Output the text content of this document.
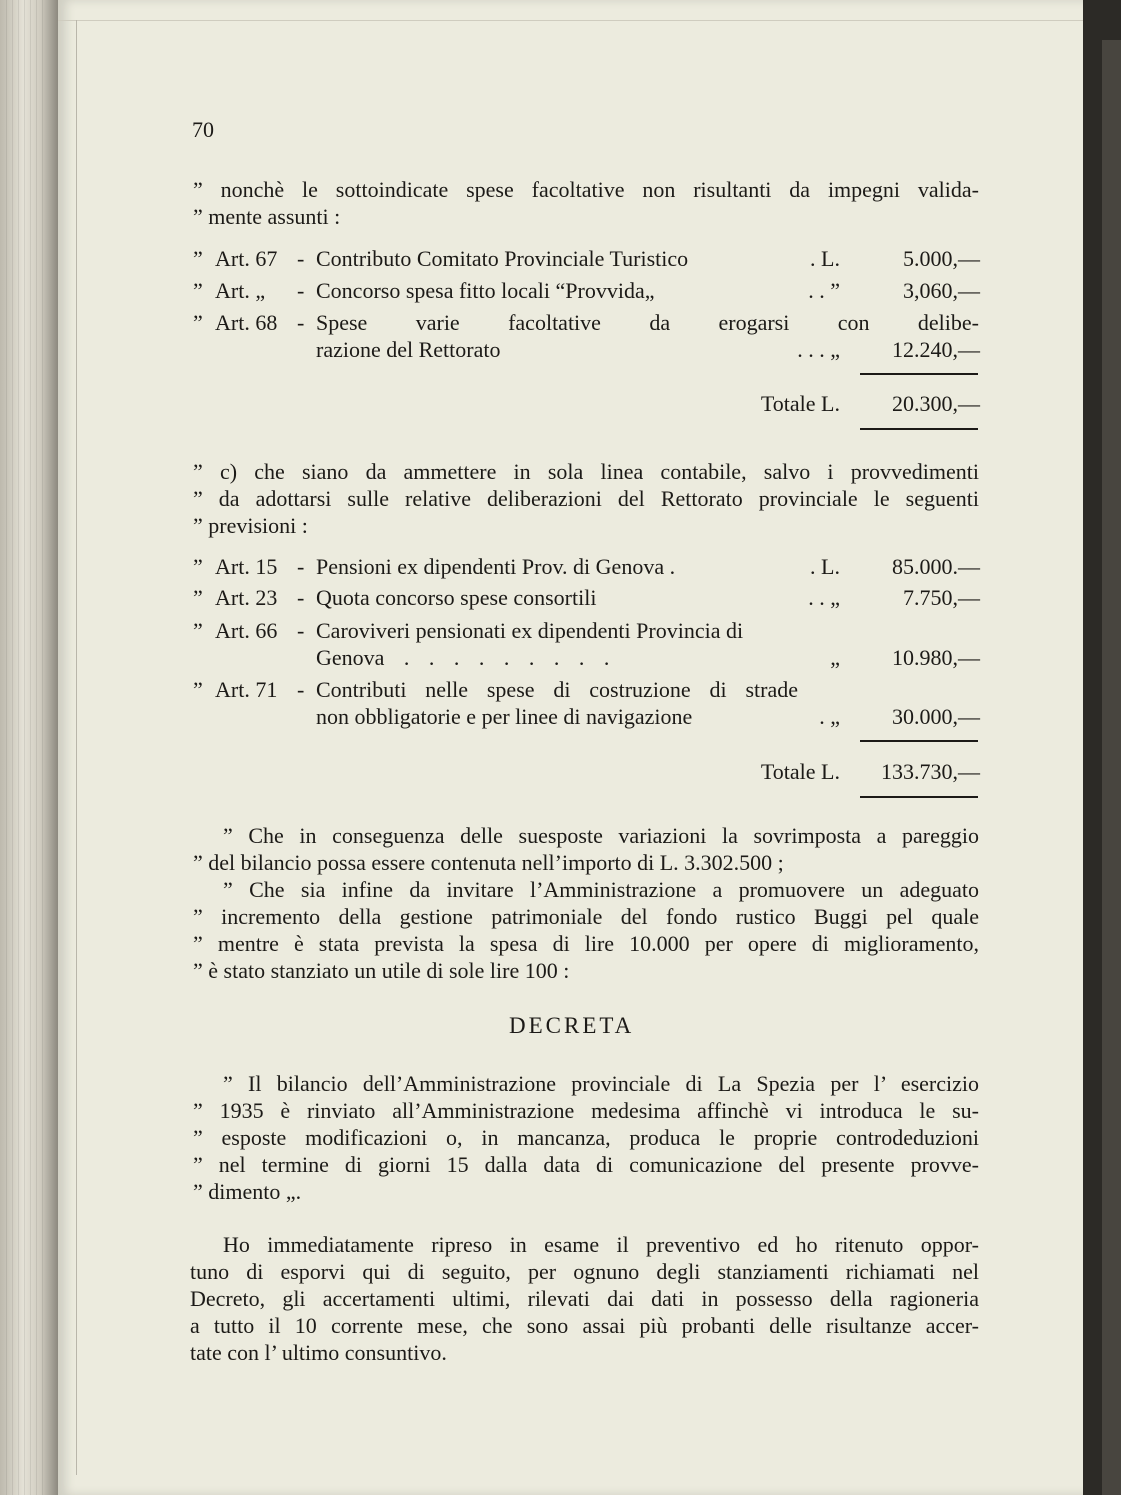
70
” nonchè le sottoindicate spese facoltative non risultanti da impegni valida-
” mente assunti :
” Art. 67 - Contributo Comitato Provinciale Turistico	. L.	5.000,—
” Art. „ - Concorso spesa fitto locali “Provvida„	. . ”	3,060,—
” Art. 68 - Spese varie facoltative da erogarsi con delibe-
razione del Rettorato	. . . „	12.240,—
Totale L.	20.300,—
” c) che siano da ammettere in sola linea contabile, salvo i provvedimenti
” da adottarsi sulle relative deliberazioni del Rettorato provinciale le seguenti
” previsioni :
” Art. 15 - Pensioni ex dipendenti Prov. di Genova .	. L.	85.000.—
” Art. 23 - Quota concorso spese consortili	. . „	7.750,—
” Art. 66 - Caroviveri pensionati ex dipendenti Provincia di
Genova . . . . . . . . .	„	10.980,—
” Art. 71 - Contributi nelle spese di costruzione di strade
non obbligatorie e per linee di navigazione	. „	30.000,—
Totale L.	133.730,—
” Che in conseguenza delle suesposte variazioni la sovrimposta a pareggio
” del bilancio possa essere contenuta nell’importo di L. 3.302.500 ;
” Che sia infine da invitare l’Amministrazione a promuovere un adeguato
” incremento della gestione patrimoniale del fondo rustico Buggi pel quale
” mentre è stata prevista la spesa di lire 10.000 per opere di miglioramento,
” è stato stanziato un utile di sole lire 100 :
DECRETA
” Il bilancio dell’Amministrazione provinciale di La Spezia per l’ esercizio
” 1935 è rinviato all’Amministrazione medesima affinchè vi introduca le su-
” esposte modificazioni o, in mancanza, produca le proprie controdeduzioni
” nel termine di giorni 15 dalla data di comunicazione del presente provve-
” dimento „.
Ho immediatamente ripreso in esame il preventivo ed ho ritenuto oppor-
tuno di esporvi qui di seguito, per ognuno degli stanziamenti richiamati nel
Decreto, gli accertamenti ultimi, rilevati dai dati in possesso della ragioneria
a tutto il 10 corrente mese, che sono assai più probanti delle risultanze accer-
tate con l’ ultimo consuntivo.
